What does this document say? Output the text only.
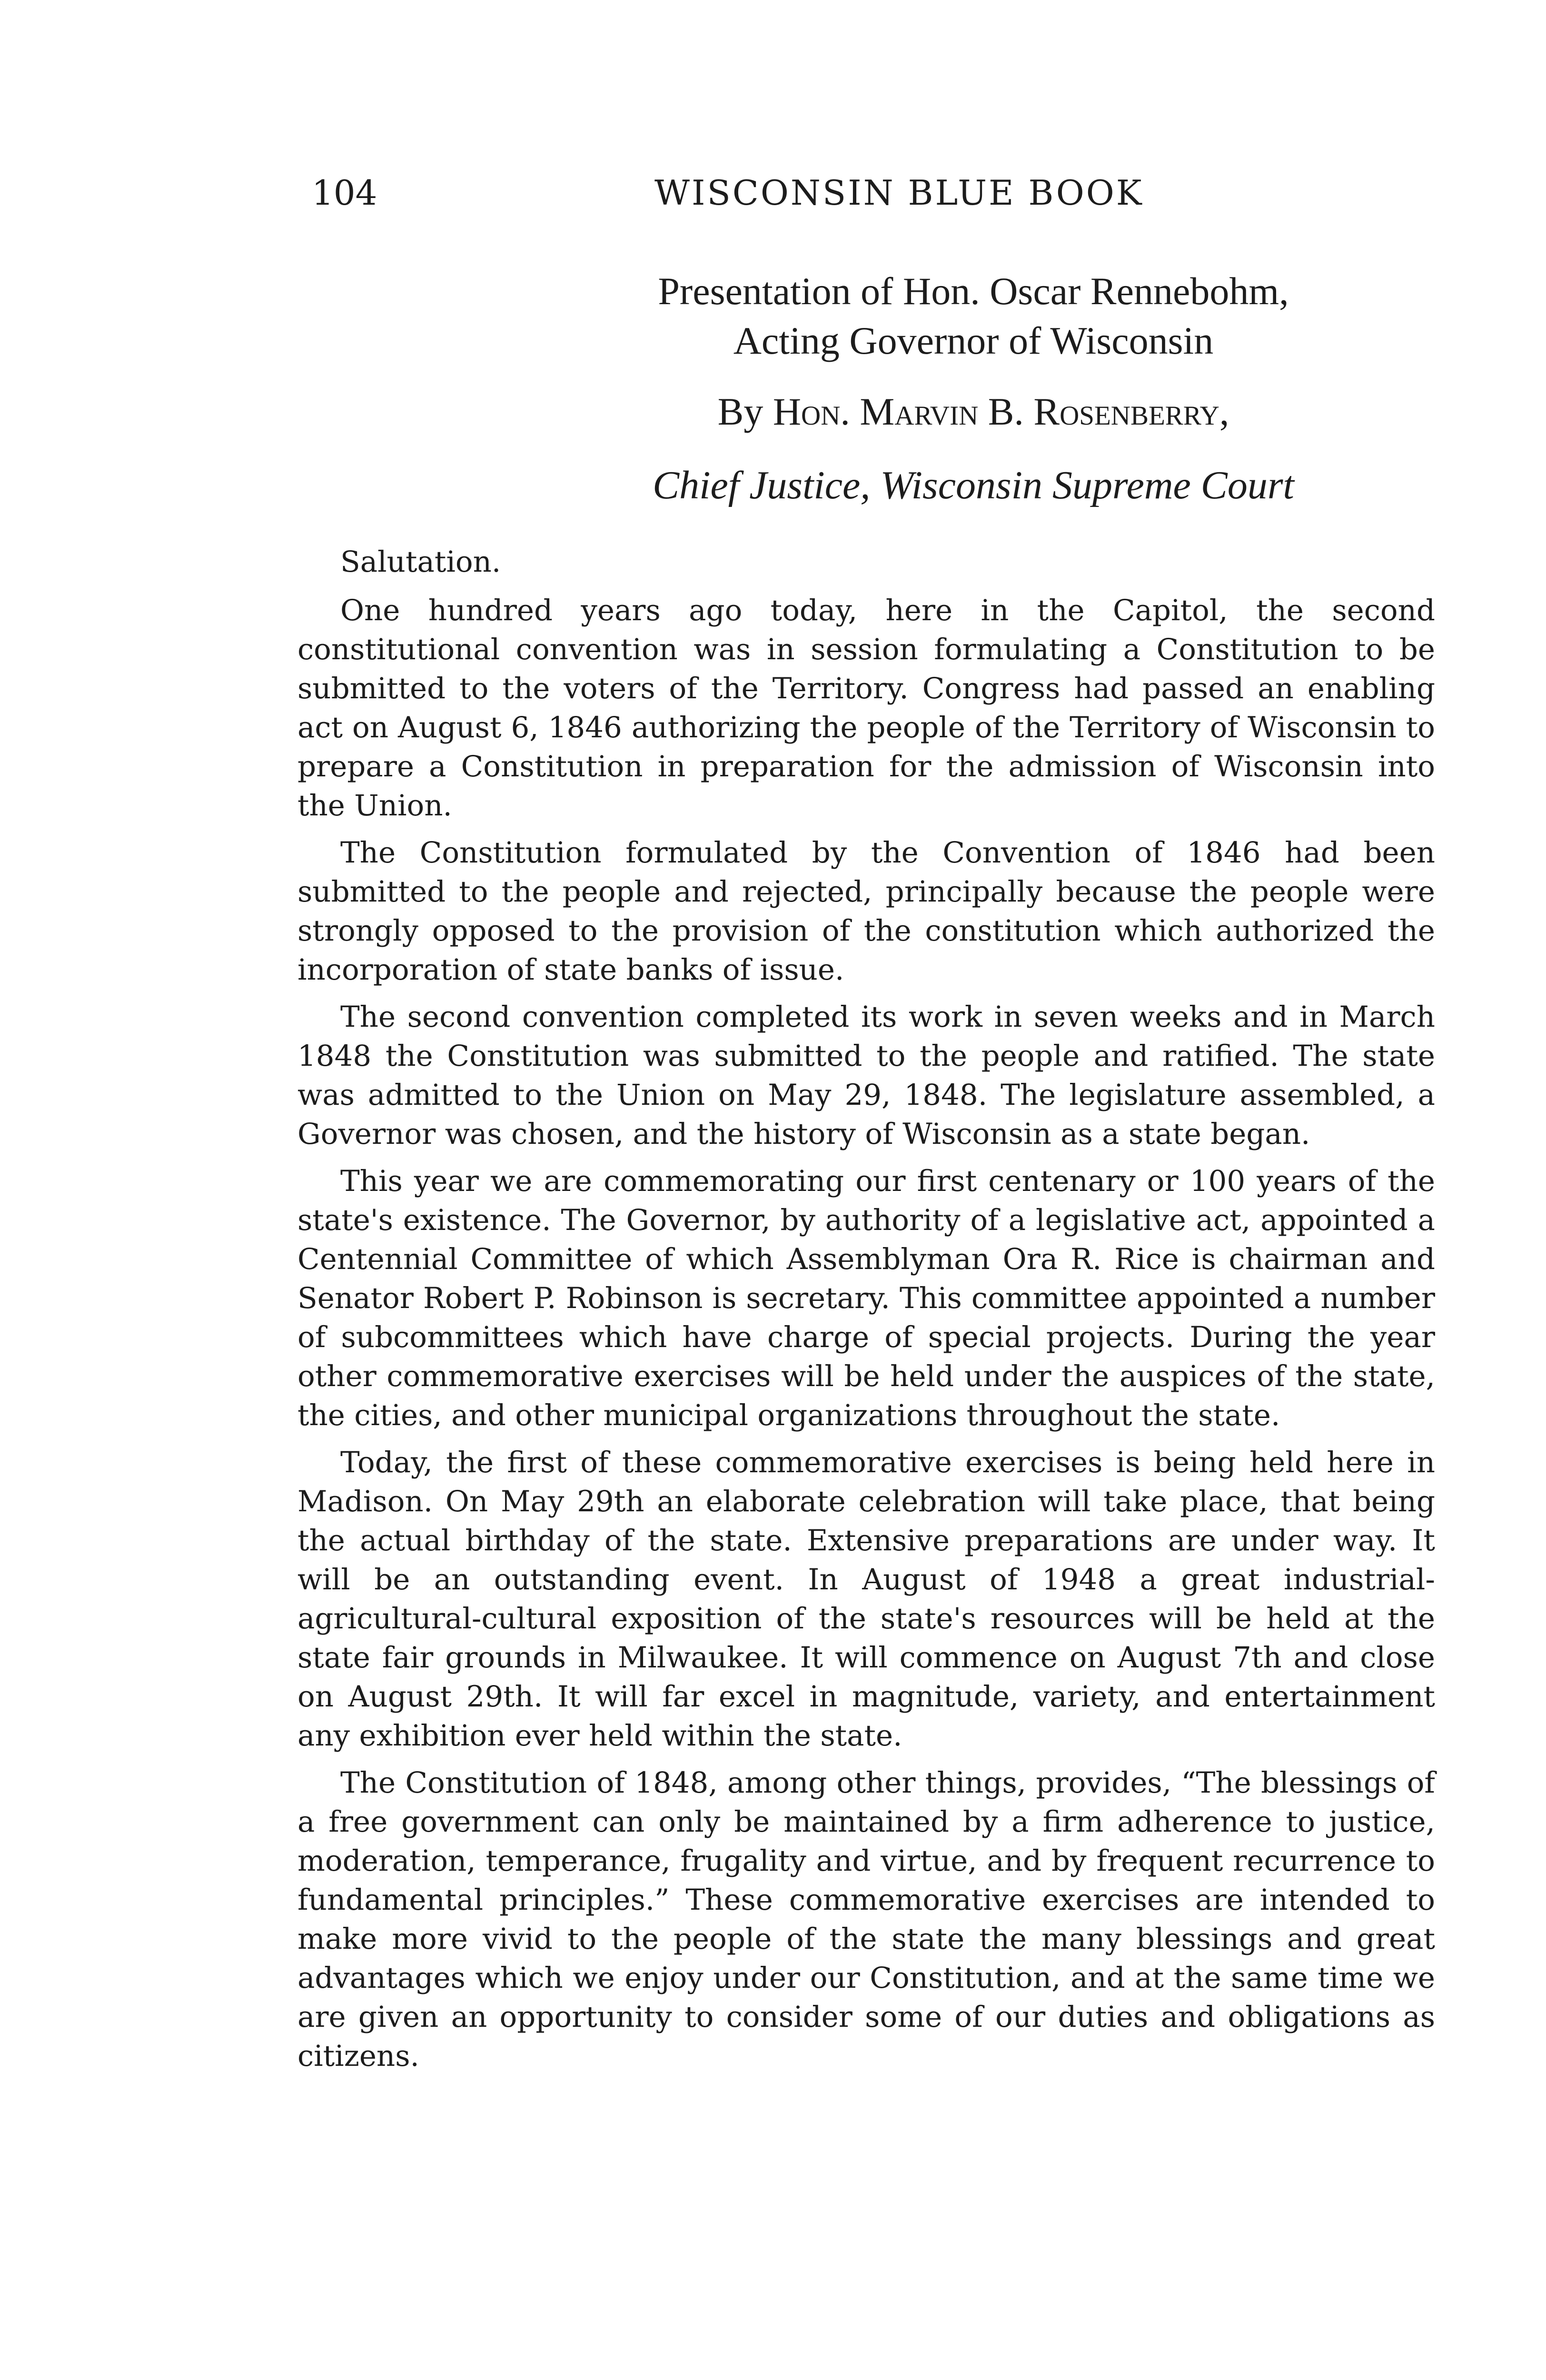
104	WISCONSIN BLUE BOOK
Presentation of Hon. Oscar Rennebohm,
Acting Governor of Wisconsin
By Hon. Marvin B. Rosenberry,
Chief Justice, Wisconsin Supreme Court

Salutation.

One hundred years ago today, here in the Capitol, the second constitutional convention was in session formulating a Constitution to be submitted to the voters of the Territory. Congress had passed an enabling act on August 6, 1846 authorizing the people of the Territory of Wisconsin to prepare a Constitution in preparation for the admission of Wisconsin into the Union.

The Constitution formulated by the Convention of 1846 had been submitted to the people and rejected, principally because the people were strongly opposed to the provision of the constitution which authorized the incorporation of state banks of issue.

The second convention completed its work in seven weeks and in March 1848 the Constitution was submitted to the people and ratified. The state was admitted to the Union on May 29, 1848. The legislature assembled, a Governor was chosen, and the history of Wisconsin as a state began.

This year we are commemorating our first centenary or 100 years of the state's existence. The Governor, by authority of a legislative act, appointed a Centennial Committee of which Assemblyman Ora R. Rice is chairman and Senator Robert P. Robinson is secretary. This committee appointed a number of subcommittees which have charge of special projects. During the year other commemorative exercises will be held under the auspices of the state, the cities, and other municipal organizations throughout the state.

Today, the first of these commemorative exercises is being held here in Madison. On May 29th an elaborate celebration will take place, that being the actual birthday of the state. Extensive preparations are under way. It will be an outstanding event. In August of 1948 a great industrial-agricultural-cultural exposition of the state's resources will be held at the state fair grounds in Milwaukee. It will commence on August 7th and close on August 29th. It will far excel in magnitude, variety, and entertainment any exhibition ever held within the state.

The Constitution of 1848, among other things, provides, “The blessings of a free government can only be maintained by a firm adherence to justice, moderation, temperance, frugality and virtue, and by frequent recurrence to fundamental principles.” These commemorative exercises are intended to make more vivid to the people of the state the many blessings and great advantages which we enjoy under our Constitution, and at the same time we are given an opportunity to consider some of our duties and obligations as citizens.
